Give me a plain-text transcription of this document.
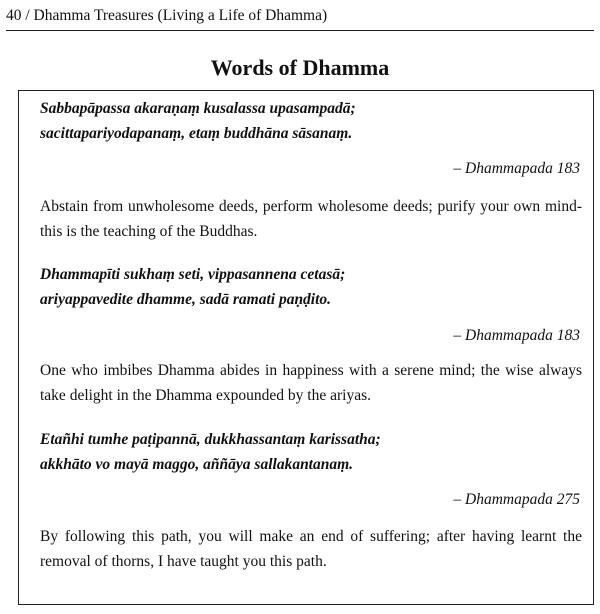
40 / Dhamma Treasures (Living a Life of Dhamma)
Words of Dhamma
Sabbapāpassa akaraṇaṃ kusalassa upasampadā;
sacittapariyodapanaṃ, etaṃ buddhāna sāsanaṃ.
– Dhammapada 183
Abstain from unwholesome deeds, perform wholesome deeds; purify your own mind- this is the teaching of the Buddhas.
Dhammapīti sukhaṃ seti, vippasannena cetasā;
ariyappavedite dhamme, sadā ramati paṇḍito.
– Dhammapada 183
One who imbibes Dhamma abides in happiness with a serene mind; the wise always take delight in the Dhamma expounded by the ariyas.
Etañhi tumhe paṭipannā, dukkhassantaṃ karissatha;
akkhāto vo mayā maggo, aññāya sallakantanaṃ.
– Dhammapada 275
By following this path, you will make an end of suffering; after having learnt the removal of thorns, I have taught you this path.
